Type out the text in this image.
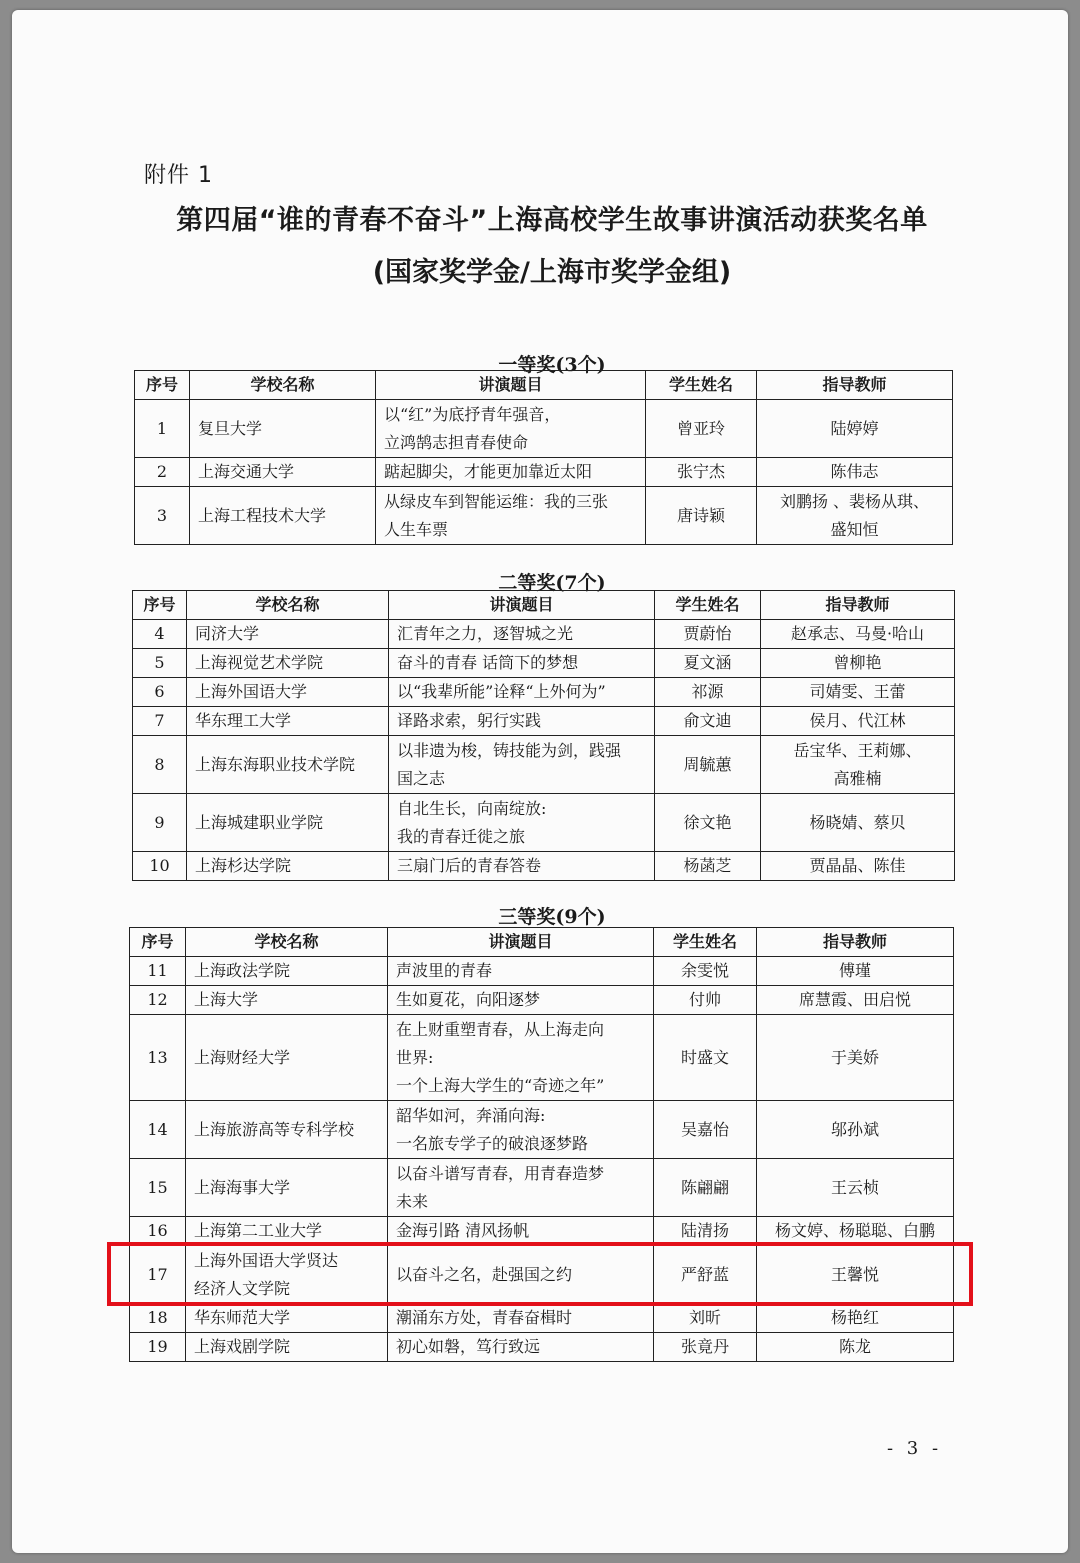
附件 1
第四届“谁的青春不奋斗”上海高校学生故事讲演活动获奖名单
(国家奖学金/上海市奖学金组)
一等奖(3个)
序号	学校名称	讲演题目	学生姓名	指导教师
1	复旦大学	以“红”为底抒青年强音，
立鸿鹄志担青春使命	曾亚玲	陆婷婷
2	上海交通大学	踮起脚尖，才能更加靠近太阳	张宁杰	陈伟志
3	上海工程技术大学	从绿皮车到智能运维：我的三张
人生车票	唐诗颖	刘鹏扬 、裴杨从琪、
盛知恒
二等奖(7个)
序号	学校名称	讲演题目	学生姓名	指导教师
4	同济大学	汇青年之力，逐智城之光	贾蔚怡	赵承志、马曼·哈山
5	上海视觉艺术学院	奋斗的青春 话筒下的梦想	夏文涵	曾柳艳
6	上海外国语大学	以“我辈所能”诠释“上外何为”	祁源	司婧雯、王蕾
7	华东理工大学	译路求索，躬行实践	俞文迪	侯月、代江林
8	上海东海职业技术学院	以非遗为梭，铸技能为剑，践强
国之志	周毓蕙	岳宝华、王莉娜、
高雅楠
9	上海城建职业学院	自北生长，向南绽放:
我的青春迁徙之旅	徐文艳	杨晓婧、蔡贝
10	上海杉达学院	三扇门后的青春答卷	杨菡芝	贾晶晶、陈佳
三等奖(9个)
序号	学校名称	讲演题目	学生姓名	指导教师
11	上海政法学院	声波里的青春	余雯悦	傅瑾
12	上海大学	生如夏花，向阳逐梦	付帅	席慧霞、田启悦
13	上海财经大学	在上财重塑青春，从上海走向
世界:
一个上海大学生的“奇迹之年”	时盛文	于美娇
14	上海旅游高等专科学校	韶华如河，奔涌向海:
一名旅专学子的破浪逐梦路	吴嘉怡	邬孙斌
15	上海海事大学	以奋斗谱写青春，用青春造梦
未来	陈翩翩	王云桢
16	上海第二工业大学	金海引路 清风扬帆	陆清扬	杨文婷、杨聪聪、白鹏
17	上海外国语大学贤达
经济人文学院	以奋斗之名，赴强国之约	严舒蓝	王馨悦
18	华东师范大学	潮涌东方处，青春奋楫时	刘昕	杨艳红
19	上海戏剧学院	初心如磐，笃行致远	张竟丹	陈龙
- 3 -
